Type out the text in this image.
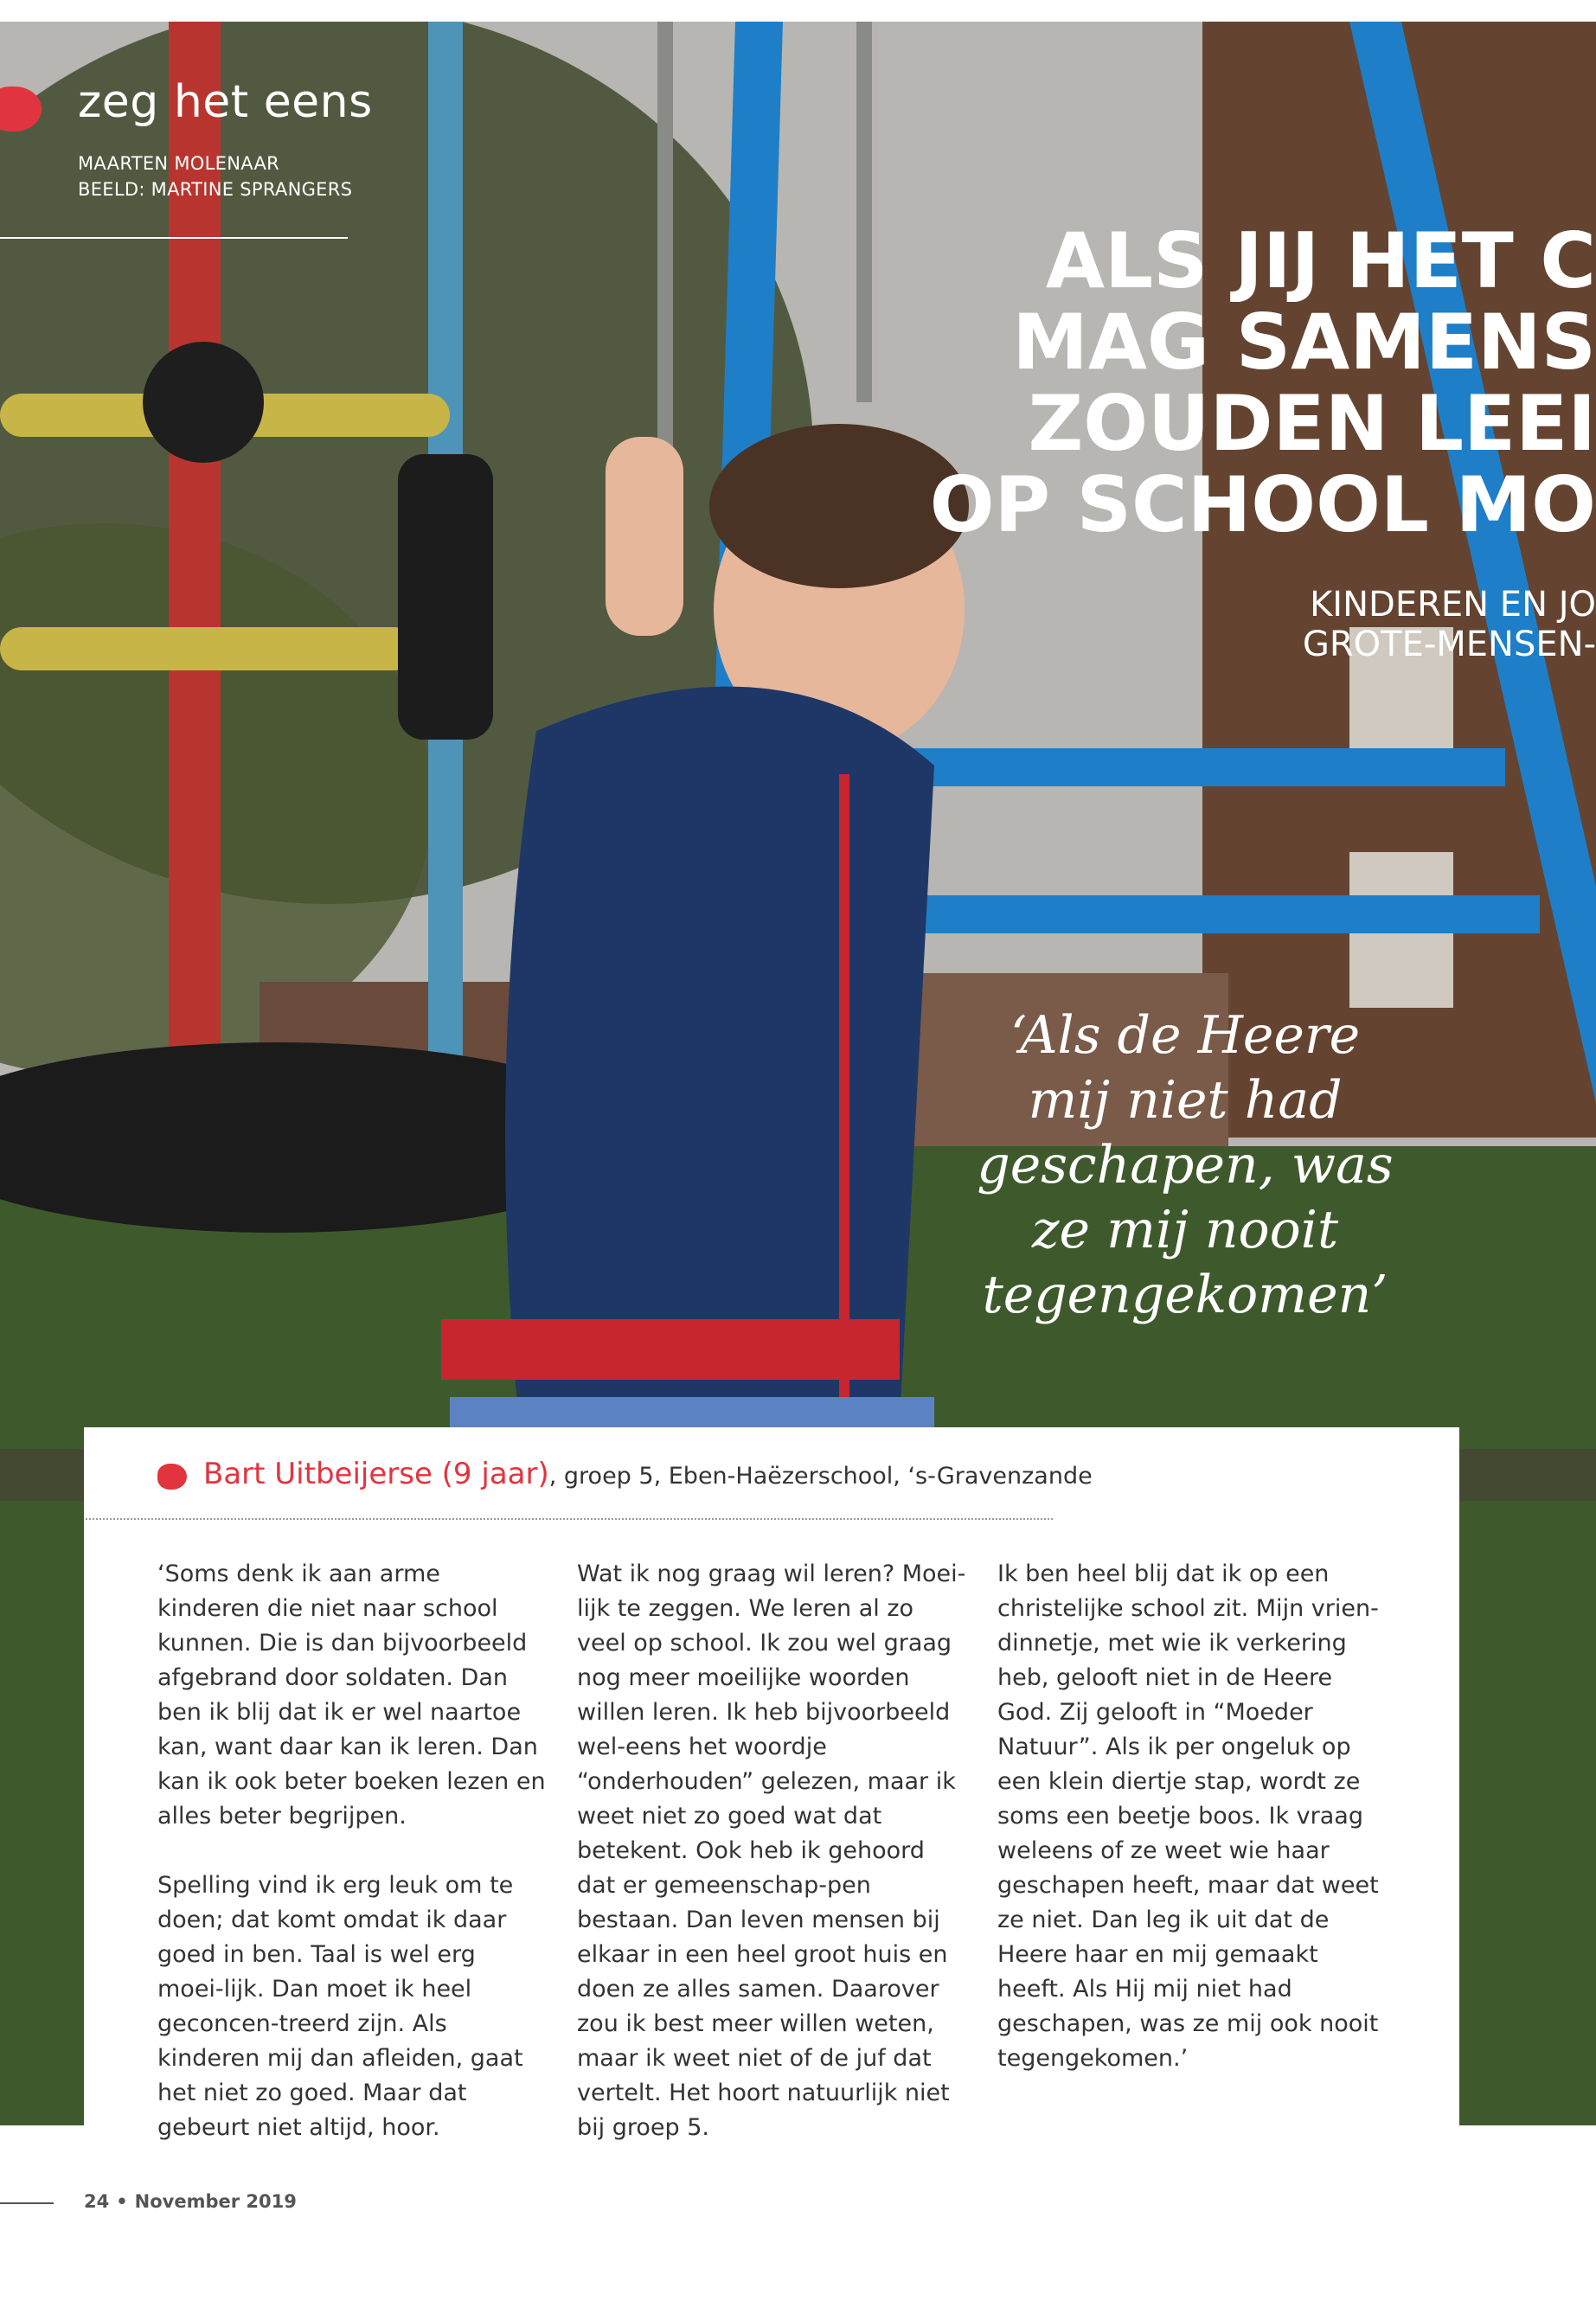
zeg het eens
MAARTEN MOLENAAR
BEELD: MARTINE SPRANGERS
ALS JIJ HET C
MAG SAMENS
ZOUDEN LEEI
OP SCHOOL MO
KINDEREN EN JO
GROTE-MENSEN-
‘Als de Heere
mij niet had
geschapen, was
ze mij nooit
tegengekomen’
Bart Uitbeijerse (9 jaar), groep 5, Eben-Haëzerschool, ‘s-Gravenzande

‘Soms denk ik aan arme kinderen die niet naar school kunnen. Die is dan bijvoorbeeld afgebrand door soldaten. Dan ben ik blij dat ik er wel naartoe kan, want daar kan ik leren. Dan kan ik ook beter boeken lezen en alles beter begrijpen.

Spelling vind ik erg leuk om te doen; dat komt omdat ik daar goed in ben. Taal is wel erg moei-lijk. Dan moet ik heel geconcen-treerd zijn. Als kinderen mij dan afleiden, gaat het niet zo goed. Maar dat gebeurt niet altijd, hoor.

Wat ik nog graag wil leren? Moei-lijk te zeggen. We leren al zo veel op school. Ik zou wel graag nog meer moeilijke woorden willen leren. Ik heb bijvoorbeeld wel-eens het woordje “onderhouden” gelezen, maar ik weet niet zo goed wat dat betekent. Ook heb ik gehoord dat er gemeenschap-pen bestaan. Dan leven mensen bij elkaar in een heel groot huis en doen ze alles samen. Daarover zou ik best meer willen weten, maar ik weet niet of de juf dat vertelt. Het hoort natuurlijk niet bij groep 5.

Ik ben heel blij dat ik op een christelijke school zit. Mijn vrien-dinnetje, met wie ik verkering heb, gelooft niet in de Heere God. Zij gelooft in “Moeder Natuur”. Als ik per ongeluk op een klein diertje stap, wordt ze soms een beetje boos. Ik vraag weleens of ze weet wie haar geschapen heeft, maar dat weet ze niet. Dan leg ik uit dat de Heere haar en mij gemaakt heeft. Als Hij mij niet had geschapen, was ze mij ook nooit tegengekomen.’

24 • November 2019
